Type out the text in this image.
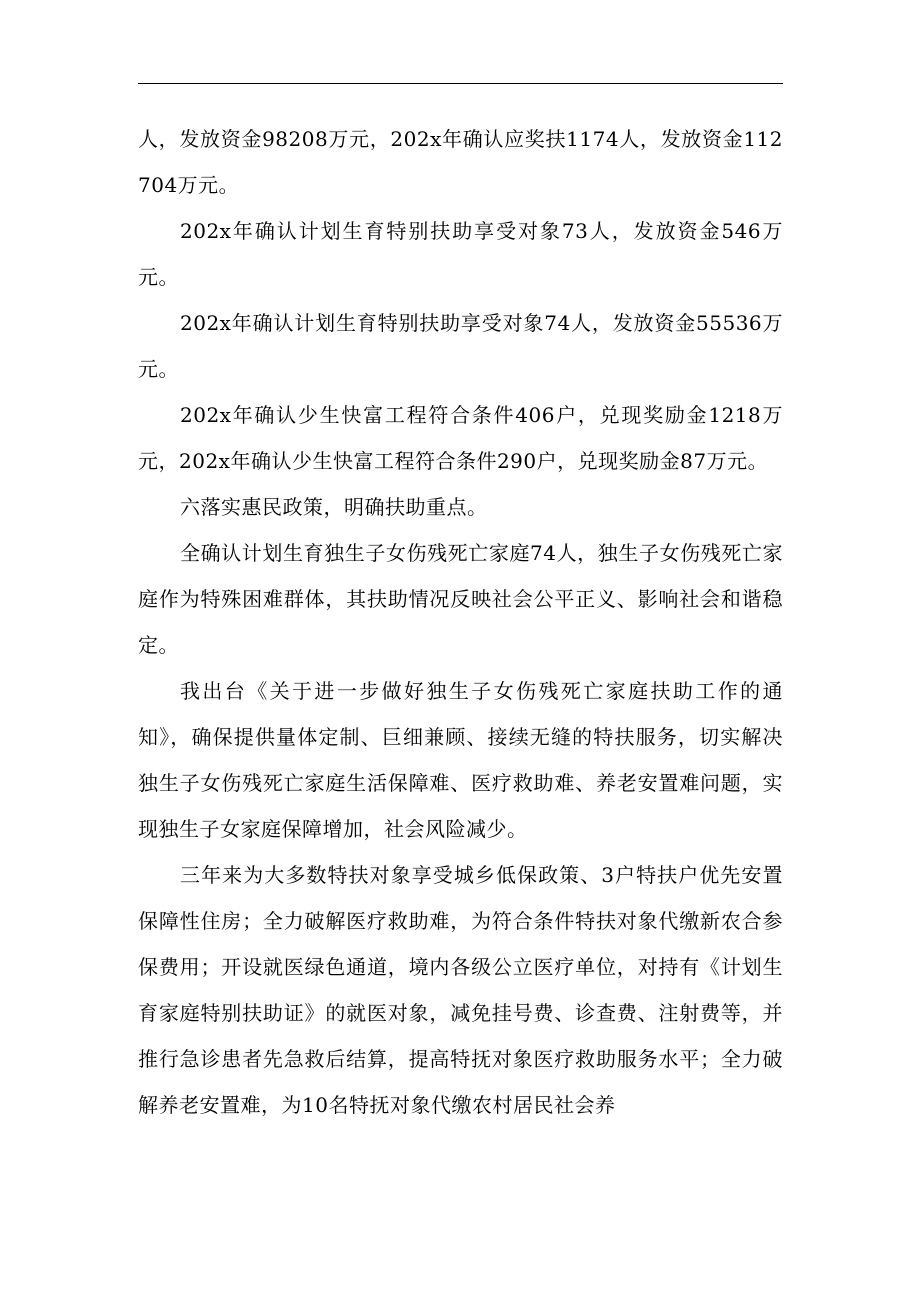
人，发放资金98208万元，202x年确认应奖扶1174人，发放资金112704万元。

202x年确认计划生育特别扶助享受对象73人，发放资金546万元。

202x年确认计划生育特别扶助享受对象74人，发放资金55536万元。

202x年确认少生快富工程符合条件406户，兑现奖励金1218万元，202x年确认少生快富工程符合条件290户，兑现奖励金87万元。

六落实惠民政策，明确扶助重点。

全确认计划生育独生子女伤残死亡家庭74人，独生子女伤残死亡家庭作为特殊困难群体，其扶助情况反映社会公平正义、影响社会和谐稳定。

我出台《关于进一步做好独生子女伤残死亡家庭扶助工作的通知》，确保提供量体定制、巨细兼顾、接续无缝的特扶服务，切实解决独生子女伤残死亡家庭生活保障难、医疗救助难、养老安置难问题，实现独生子女家庭保障增加，社会风险减少。

三年来为大多数特扶对象享受城乡低保政策、3户特扶户优先安置保障性住房；全力破解医疗救助难，为符合条件特扶对象代缴新农合参保费用；开设就医绿色通道，境内各级公立医疗单位，对持有《计划生育家庭特别扶助证》的就医对象，减免挂号费、诊查费、注射费等，并推行急诊患者先急救后结算，提高特抚对象医疗救助服务水平；全力破解养老安置难，为10名特抚对象代缴农村居民社会养
